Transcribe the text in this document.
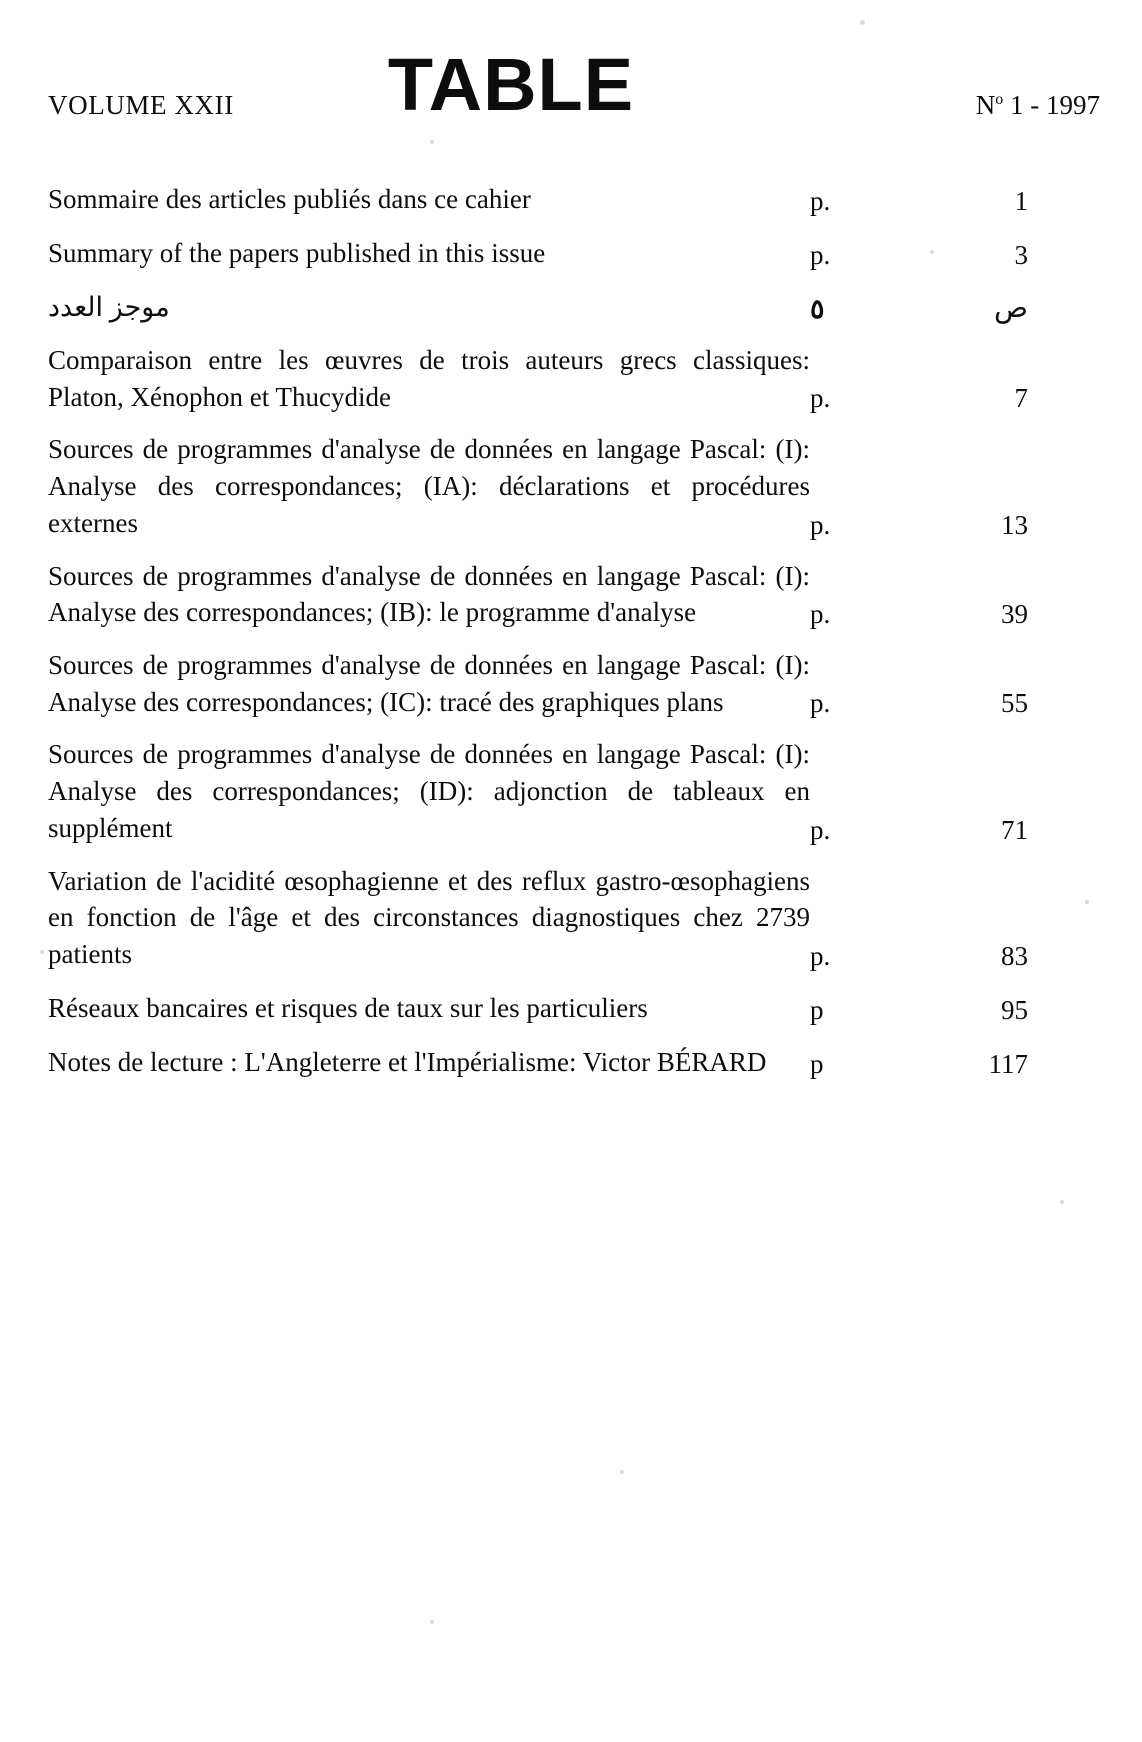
VOLUME XXII	TABLE	$N^o$ 1 - 1997
Sommaire des articles publiés dans ce cahier	p.	1
Summary of the papers published in this issue	p.	3
موجز العدد	٥	ص
Comparaison entre les œuvres de trois auteurs grecs classiques: Platon, Xénophon et Thucydide	p.	7
Sources de programmes d'analyse de données en langage Pascal: (I): Analyse des correspondances; (IA): déclarations et procédures externes	p.	13
Sources de programmes d'analyse de données en langage Pascal: (I): Analyse des correspondances; (IB): le programme d'analyse	p.	39
Sources de programmes d'analyse de données en langage Pascal: (I): Analyse des correspondances; (IC): tracé des graphiques plans	p.	55
Sources de programmes d'analyse de données en langage Pascal: (I): Analyse des correspondances; (ID): adjonction de tableaux en supplément	p.	71
Variation de l'acidité œsophagienne et des reflux gastro-œsophagiens en fonction de l'âge et des circonstances diagnostiques chez 2739 patients	p.	83
Réseaux bancaires et risques de taux sur les particuliers	p	95
Notes de lecture : L'Angleterre et l'Impérialisme: Victor BÉRARD	p	117
